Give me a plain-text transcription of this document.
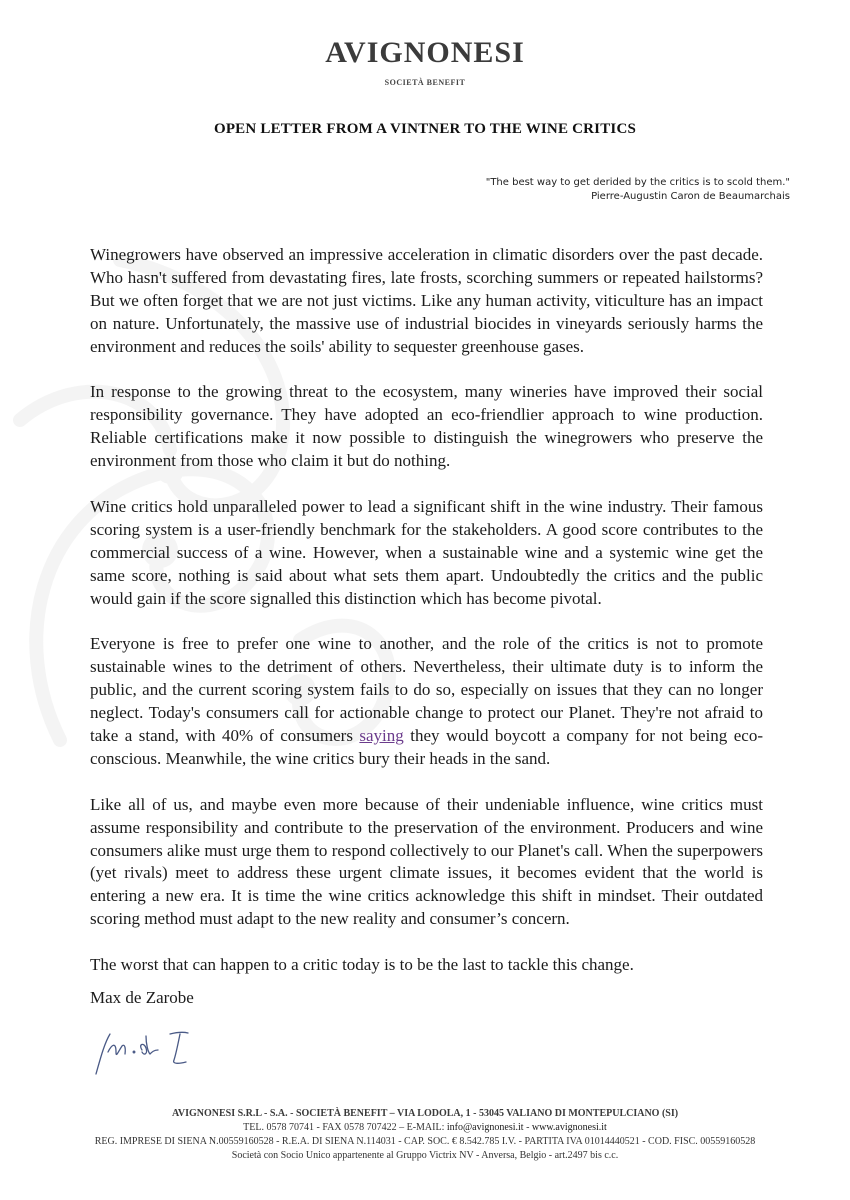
AVIGNONESI
SOCIETÀ BENEFIT
OPEN LETTER FROM A VINTNER TO THE WINE CRITICS
"The best way to get derided by the critics is to scold them."
Pierre-Augustin Caron de Beaumarchais

Winegrowers have observed an impressive acceleration in climatic disorders over the past decade. Who hasn't suffered from devastating fires, late frosts, scorching summers or repeated hailstorms? But we often forget that we are not just victims. Like any human activity, viticulture has an impact on nature. Unfortunately, the massive use of industrial biocides in vineyards seriously harms the environment and reduces the soils' ability to sequester greenhouse gases.

In response to the growing threat to the ecosystem, many wineries have improved their social responsibility governance. They have adopted an eco-friendlier approach to wine production. Reliable certifications make it now possible to distinguish the winegrowers who preserve the environment from those who claim it but do nothing.

Wine critics hold unparalleled power to lead a significant shift in the wine industry. Their famous scoring system is a user-friendly benchmark for the stakeholders. A good score contributes to the commercial success of a wine. However, when a sustainable wine and a systemic wine get the same score, nothing is said about what sets them apart. Undoubtedly the critics and the public would gain if the score signalled this distinction which has become pivotal.

Everyone is free to prefer one wine to another, and the role of the critics is not to promote sustainable wines to the detriment of others. Nevertheless, their ultimate duty is to inform the public, and the current scoring system fails to do so, especially on issues that they can no longer neglect. Today's consumers call for actionable change to protect our Planet. They're not afraid to take a stand, with 40% of consumers saying they would boycott a company for not being eco-conscious. Meanwhile, the wine critics bury their heads in the sand.

Like all of us, and maybe even more because of their undeniable influence, wine critics must assume responsibility and contribute to the preservation of the environment. Producers and wine consumers alike must urge them to respond collectively to our Planet's call. When the superpowers (yet rivals) meet to address these urgent climate issues, it becomes evident that the world is entering a new era. It is time the wine critics acknowledge this shift in mindset. Their outdated scoring method must adapt to the new reality and consumer’s concern.

The worst that can happen to a critic today is to be the last to tackle this change.

Max de Zarobe
AVIGNONESI S.R.L - S.A. - SOCIETÀ BENEFIT – VIA LODOLA, 1 - 53045 VALIANO DI MONTEPULCIANO (SI)
TEL. 0578 70741 - FAX 0578 707422 – E-MAIL: info@avignonesi.it - www.avignonesi.it
REG. IMPRESE DI SIENA N.00559160528 - R.E.A. DI SIENA N.114031 - CAP. SOC. € 8.542.785 I.V. - PARTITA IVA 01014440521 - COD. FISC. 00559160528
Società con Socio Unico appartenente al Gruppo Victrix NV - Anversa, Belgio - art.2497 bis c.c.
